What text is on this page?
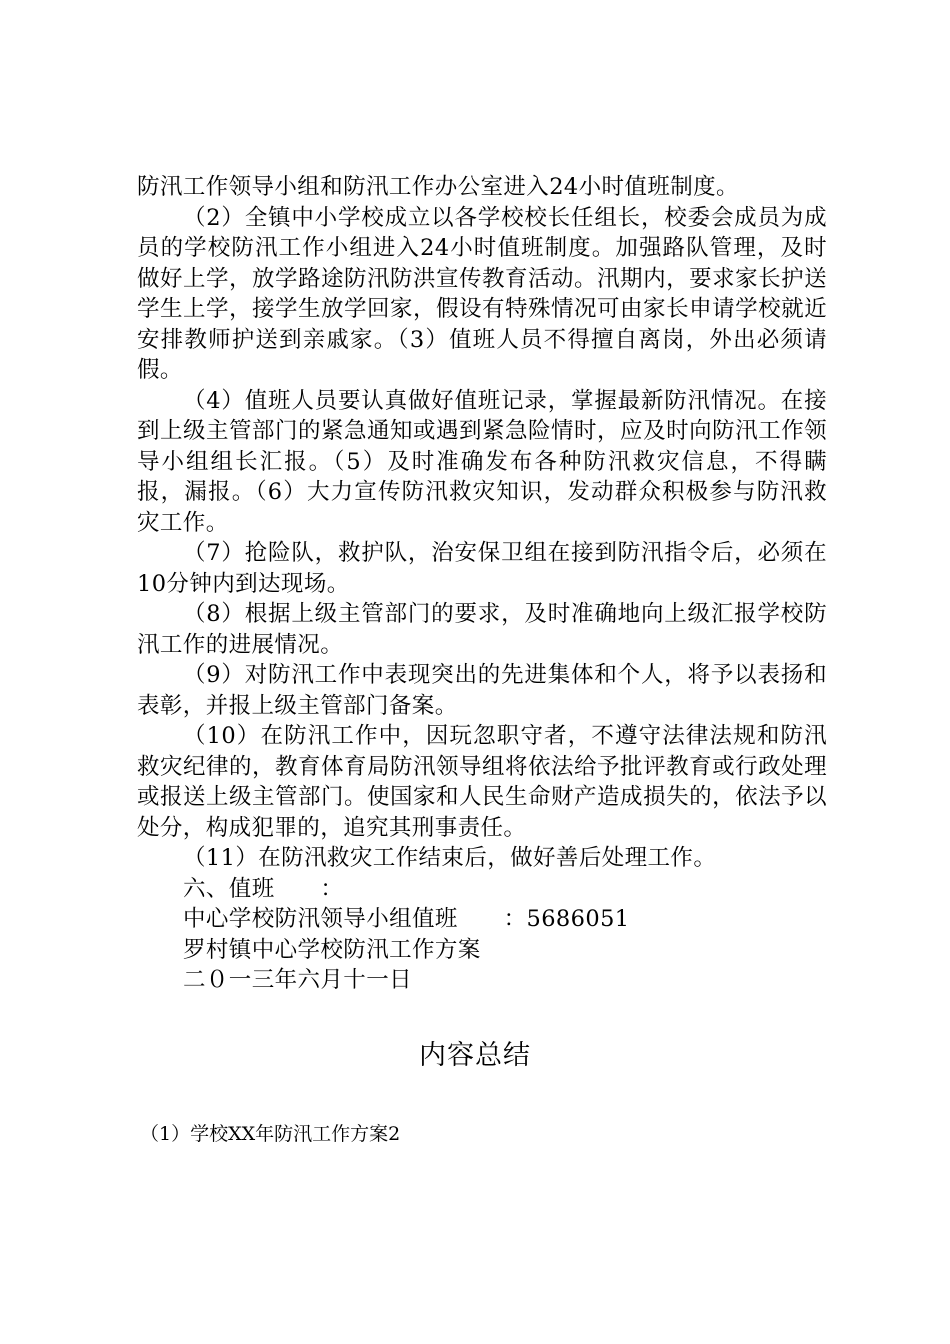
防汛工作领导小组和防汛工作办公室进入24小时值班制度。

（2）全镇中小学校成立以各学校校长任组长，校委会成员为成员的学校防汛工作小组进入24小时值班制度。加强路队管理，及时做好上学，放学路途防汛防洪宣传教育活动。汛期内，要求家长护送学生上学，接学生放学回家，假设有特殊情况可由家长申请学校就近安排教师护送到亲戚家。（3）值班人员不得擅自离岗，外出必须请假。

（4）值班人员要认真做好值班记录，掌握最新防汛情况。在接到上级主管部门的紧急通知或遇到紧急险情时，应及时向防汛工作领导小组组长汇报。（5）及时准确发布各种防汛救灾信息，不得瞒报，漏报。（6）大力宣传防汛救灾知识，发动群众积极参与防汛救灾工作。

（7）抢险队，救护队，治安保卫组在接到防汛指令后，必须在10分钟内到达现场。

（8）根据上级主管部门的要求，及时准确地向上级汇报学校防汛工作的进展情况。

（9）对防汛工作中表现突出的先进集体和个人，将予以表扬和表彰，并报上级主管部门备案。

（10）在防汛工作中，因玩忽职守者，不遵守法律法规和防汛救灾纪律的，教育体育局防汛领导组将依法给予批评教育或行政处理或报送上级主管部门。使国家和人民生命财产造成损失的，依法予以处分，构成犯罪的，追究其刑事责任。

（11）在防汛救灾工作结束后，做好善后处理工作。

六、值班　　：

中心学校防汛领导小组值班　　：5686051

罗村镇中心学校防汛工作方案

二０一三年六月十一日

内容总结
（1）学校XX年防汛工作方案2
